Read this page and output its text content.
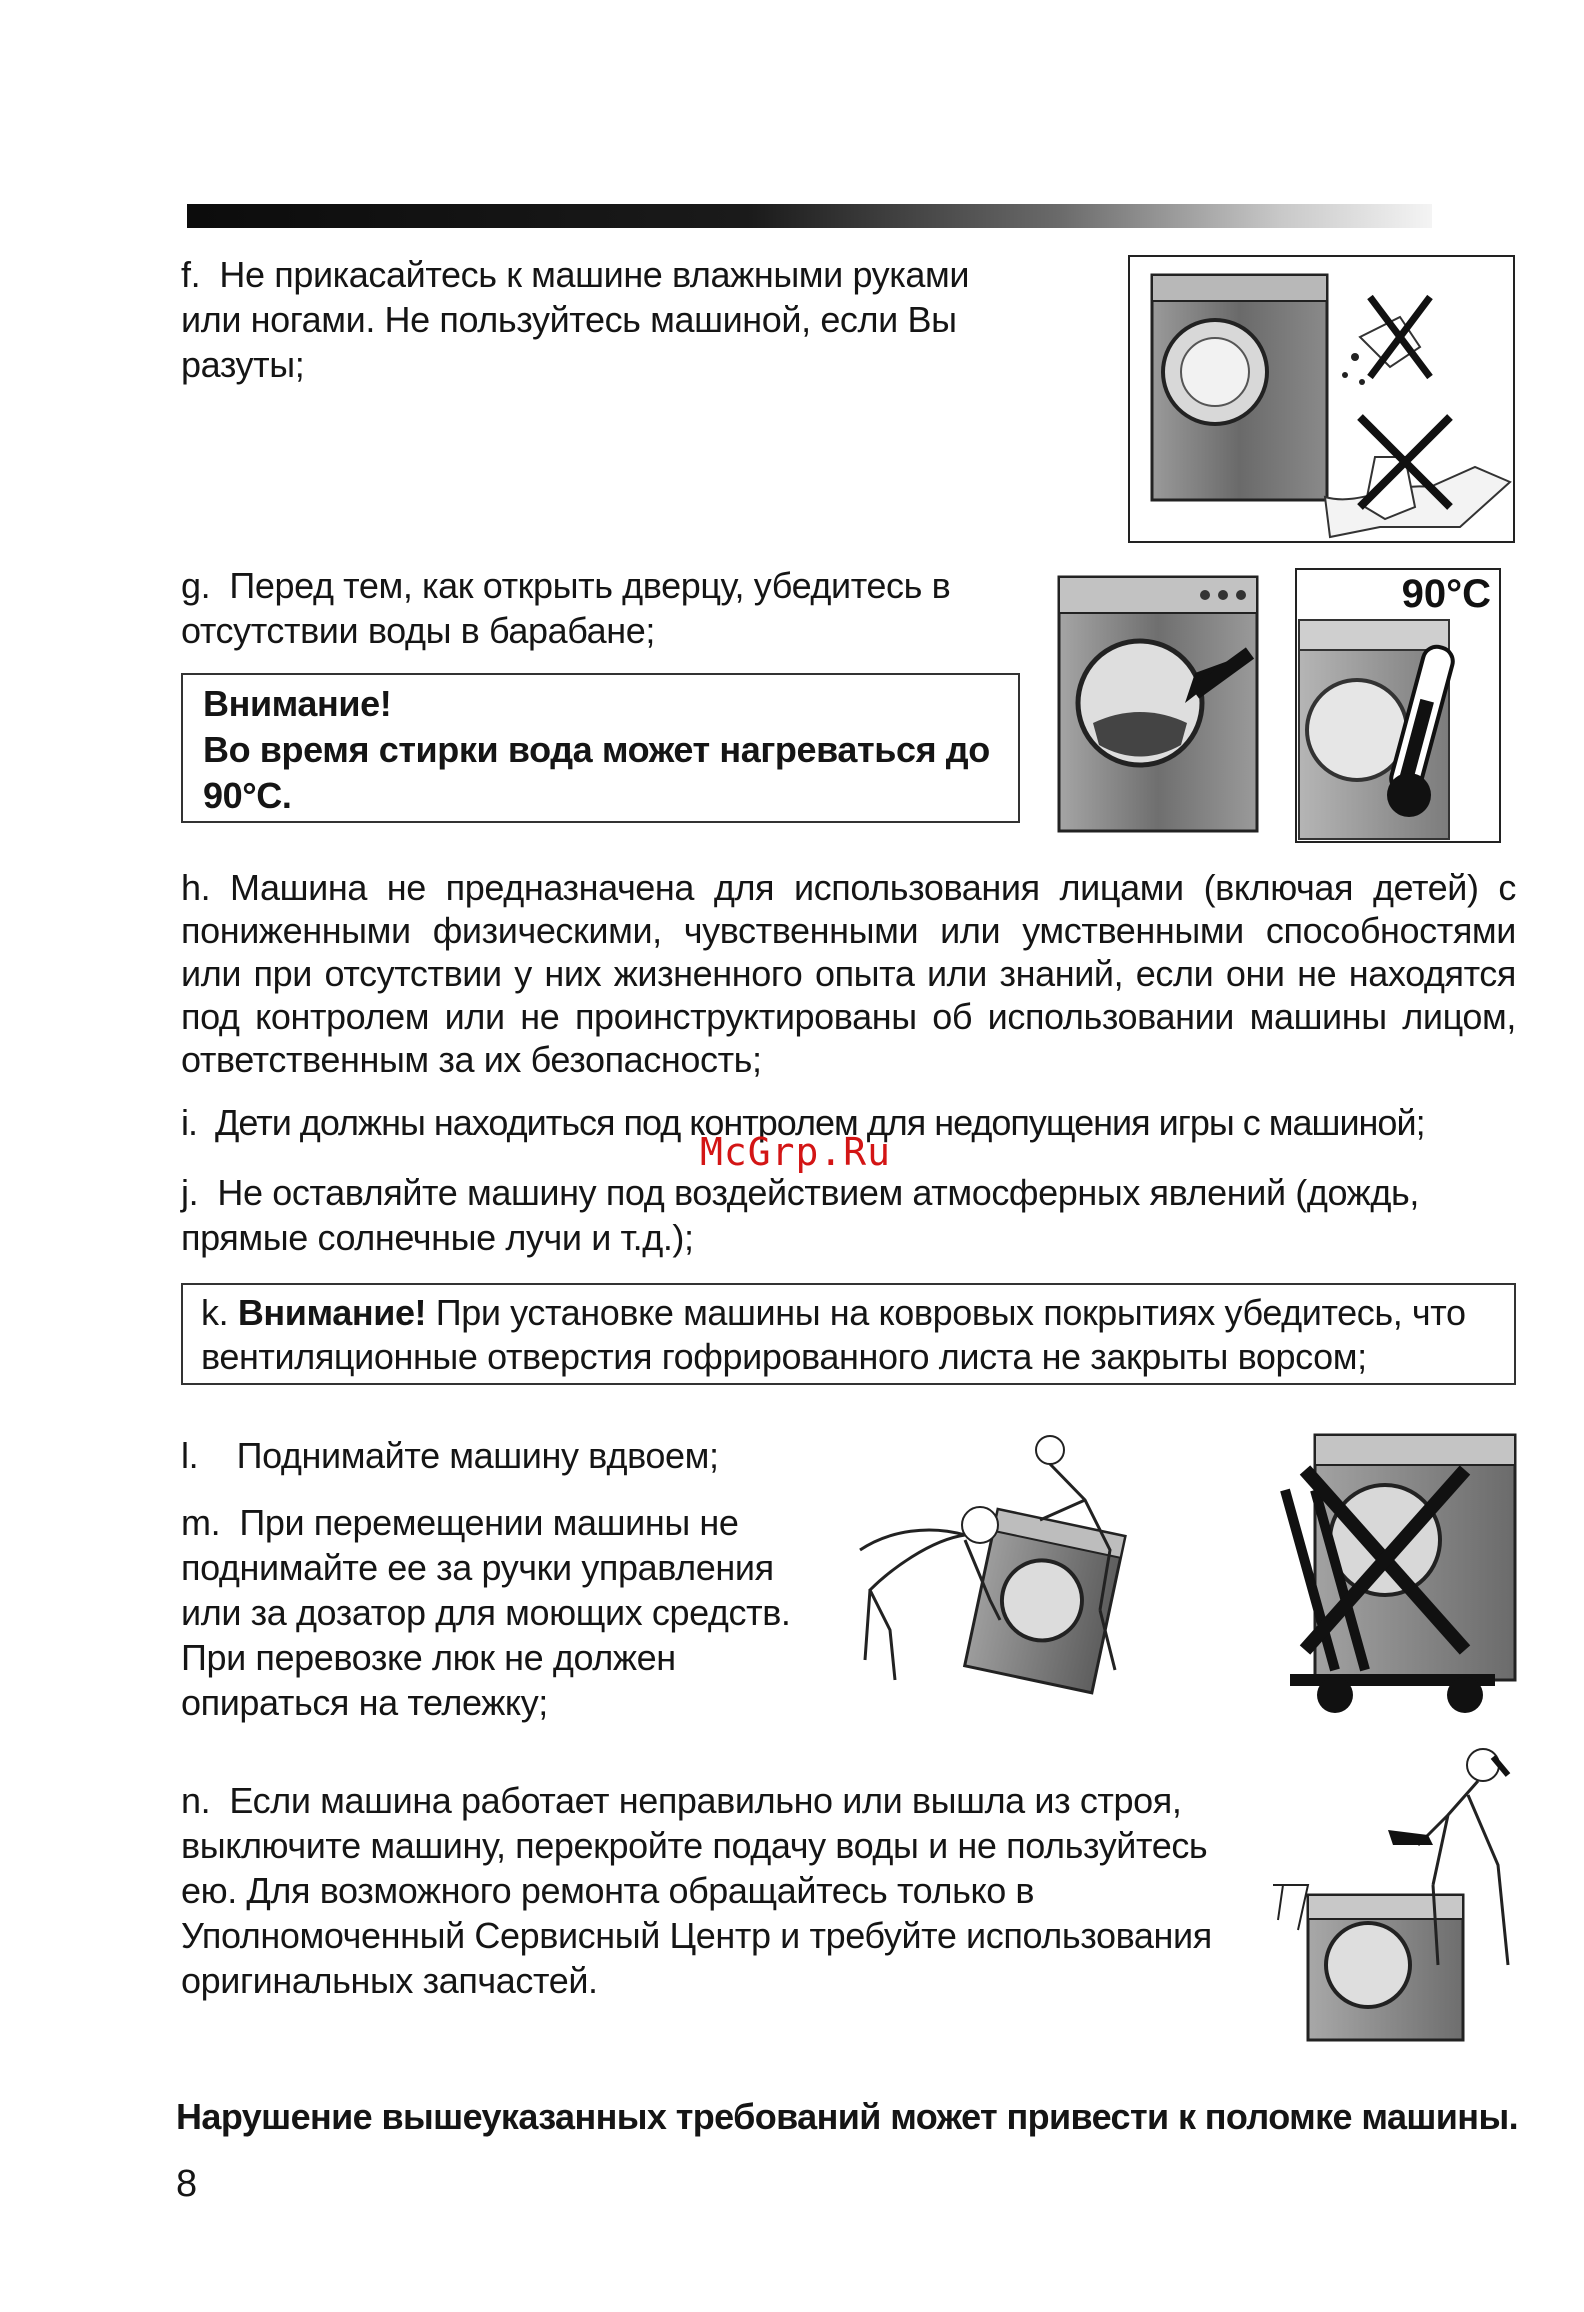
f.  Не прикасайтесь к машине влажными руками или ногами. Не пользуйтесь машиной, если Вы разуты;
g.  Перед тем, как открыть дверцу, убедитесь в отсутствии воды в барабане;
Внимание!
Во время стирки вода может нагреваться до 90°С.
90°С
h. Машина не предназначена для использования лицами (включая детей) с пониженными физическими, чувственными или умственными способностями или при отсутствии у них жизненного опыта или знаний, если они не находятся под контролем или не проинструктированы об использовании машины лицом, ответственным за их безопасность;
i.  Дети должны находиться под контролем для недопущения игры с машиной;
McGrp.Ru
j.  Не оставляйте машину под воздействием атмосферных явлений (дождь, прямые солнечные лучи и т.д.);
k. Внимание! При установке машины на ковровых покрытиях убедитесь, что вентиляционные отверстия гофрированного листа не закрыты ворсом;
l.    Поднимайте машину вдвоем;
m.  При перемещении машины не поднимайте ее за ручки управления или за дозатор для моющих средств. При перевозке люк не должен опираться на тележку;
n.  Если машина работает неправильно или вышла из строя, выключите машину, перекройте подачу воды и не пользуйтесь ею. Для возможного ремонта обращайтесь только в Уполномоченный Сервисный Центр и требуйте использования оригинальных запчастей.
Нарушение вышеуказанных требований может привести к поломке машины.
8
